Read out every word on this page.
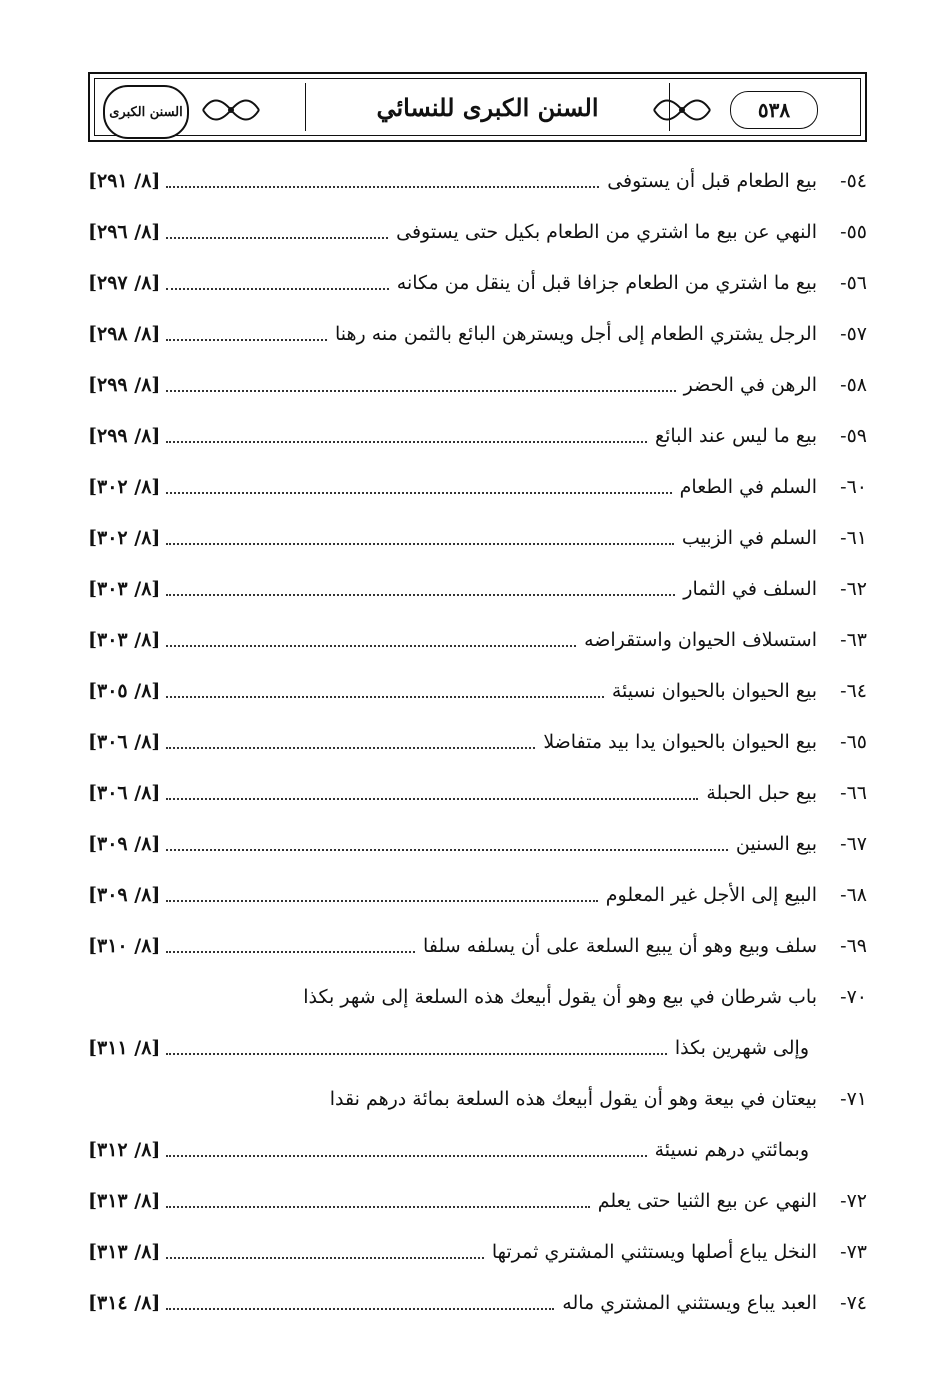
السنن الكبرى	السنن الكبرى للنسائي	٥٣٨
٥٤-
بيع الطعام قبل أن يستوفى
[٨/ ٢٩١]
٥٥-
النهي عن بيع ما اشتري من الطعام بكيل حتى يستوفى
[٨/ ٢٩٦]
٥٦-
بيع ما اشتري من الطعام جزافا قبل أن ينقل من مكانه
[٨/ ٢٩٧]
٥٧-
الرجل يشتري الطعام إلى أجل ويسترهن البائع بالثمن منه رهنا
[٨/ ٢٩٨]
٥٨-
الرهن في الحضر
[٨/ ٢٩٩]
٥٩-
بيع ما ليس عند البائع
[٨/ ٢٩٩]
٦٠-
السلم في الطعام
[٨/ ٣٠٢]
٦١-
السلم في الزبيب
[٨/ ٣٠٢]
٦٢-
السلف في الثمار
[٨/ ٣٠٣]
٦٣-
استسلاف الحيوان واستقراضه
[٨/ ٣٠٣]
٦٤-
بيع الحيوان بالحيوان نسيئة
[٨/ ٣٠٥]
٦٥-
بيع الحيوان بالحيوان يدا بيد متفاضلا
[٨/ ٣٠٦]
٦٦-
بيع حبل الحبلة
[٨/ ٣٠٦]
٦٧-
بيع السنين
[٨/ ٣٠٩]
٦٨-
البيع إلى الأجل غير المعلوم
[٨/ ٣٠٩]
٦٩-
سلف وبيع وهو أن يبيع السلعة على أن يسلفه سلفا
[٨/ ٣١٠]
٧٠-
باب شرطان في بيع وهو أن يقول أبيعك هذه السلعة إلى شهر بكذا
وإلى شهرين بكذا
[٨/ ٣١١]
٧١-
بيعتان في بيعة وهو أن يقول أبيعك هذه السلعة بمائة درهم نقدا
وبمائتي درهم نسيئة
[٨/ ٣١٢]
٧٢-
النهي عن بيع الثنيا حتى يعلم
[٨/ ٣١٣]
٧٣-
النخل يباع أصلها ويستثني المشتري ثمرتها
[٨/ ٣١٣]
٧٤-
العبد يباع ويستثني المشتري ماله
[٨/ ٣١٤]
